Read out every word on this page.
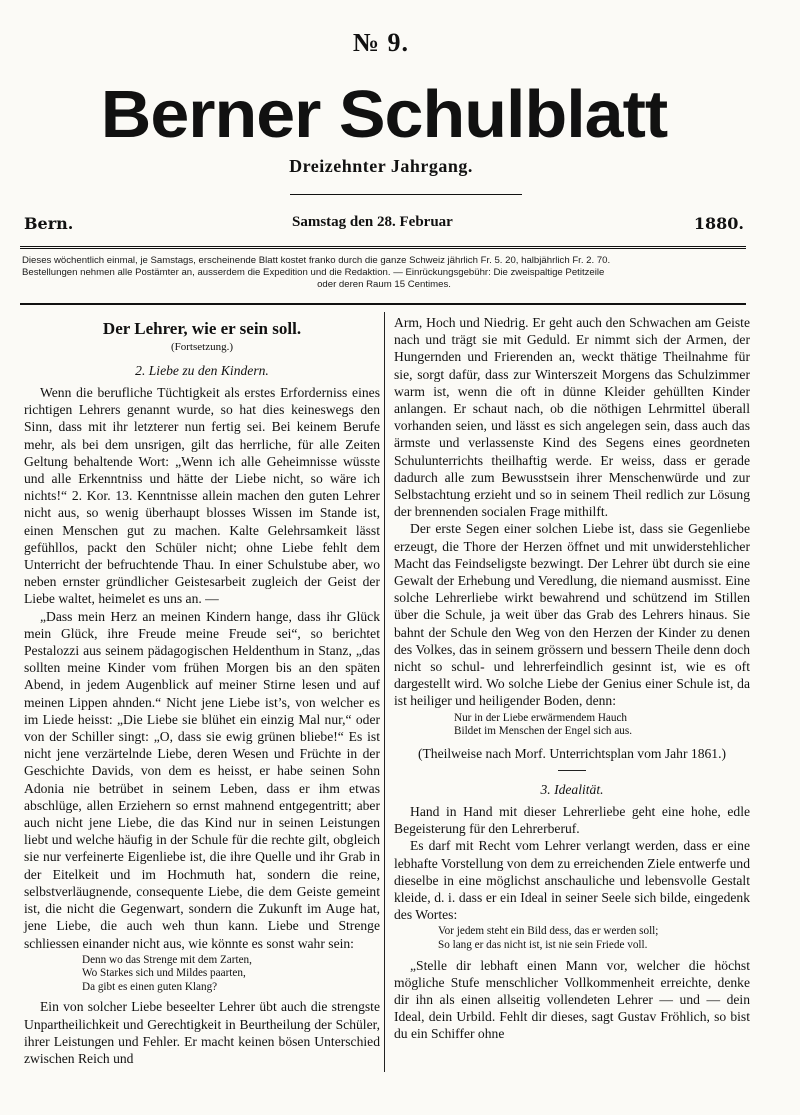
№ 9.
Berner Schulblatt
Dreizehnter Jahrgang.
Bern.	Samstag den 28. Februar	1880.

Dieses wöchentlich einmal, je Samstags, erscheinende Blatt kostet franko durch die ganze Schweiz jährlich Fr. 5. 20, halbjährlich Fr. 2. 70.

Bestellungen nehmen alle Postämter an, ausserdem die Expedition und die Redaktion. — Einrückungsgebühr: Die zweispaltige Petitzeile

oder deren Raum 15 Centimes.

Der Lehrer, wie er sein soll.
(Fortsetzung.)
2. Liebe zu den Kindern.

Wenn die berufliche Tüchtigkeit als erstes Erforderniss eines richtigen Lehrers genannt wurde, so hat dies keineswegs den Sinn, dass mit ihr letzterer nun fertig sei. Bei keinem Berufe mehr, als bei dem unsrigen, gilt das herrliche, für alle Zeiten Geltung behaltende Wort: „Wenn ich alle Geheimnisse wüsste und alle Erkenntniss und hätte der Liebe nicht, so wäre ich nichts!“ 2. Kor. 13. Kenntnisse allein machen den guten Lehrer nicht aus, so wenig überhaupt blosses Wissen im Stande ist, einen Menschen gut zu machen. Kalte Gelehrsamkeit lässt gefühllos, packt den Schüler nicht; ohne Liebe fehlt dem Unterricht der befruchtende Thau. In einer Schulstube aber, wo neben ernster gründlicher Geistesarbeit zugleich der Geist der Liebe waltet, heimelet es uns an. —

„Dass mein Herz an meinen Kindern hange, dass ihr Glück mein Glück, ihre Freude meine Freude sei“, so berichtet Pestalozzi aus seinem pädagogischen Heldenthum in Stanz, „das sollten meine Kinder vom frühen Morgen bis an den späten Abend, in jedem Augenblick auf meiner Stirne lesen und auf meinen Lippen ahnden.“ Nicht jene Liebe ist’s, von welcher es im Liede heisst: „Die Liebe sie blühet ein einzig Mal nur,“ oder von der Schiller singt: „O, dass sie ewig grünen bliebe!“ Es ist nicht jene verzärtelnde Liebe, deren Wesen und Früchte in der Geschichte Davids, von dem es heisst, er habe seinen Sohn Adonia nie betrübet in seinem Leben, dass er ihm etwas abschlüge, allen Erziehern so ernst mahnend entgegentritt; aber auch nicht jene Liebe, die das Kind nur in seinen Leistungen liebt und welche häufig in der Schule für die rechte gilt, obgleich sie nur verfeinerte Eigenliebe ist, die ihre Quelle und ihr Grab in der Eitelkeit und im Hochmuth hat, sondern die reine, selbstverläugnende, consequente Liebe, die dem Geiste gemeint ist, die nicht die Gegenwart, sondern die Zukunft im Auge hat, jene Liebe, die auch weh thun kann. Liebe und Strenge schliessen einander nicht aus, wie könnte es sonst wahr sein:

Denn wo das Strenge mit dem Zarten,
Wo Starkes sich und Mildes paarten,
Da gibt es einen guten Klang?

Ein von solcher Liebe beseelter Lehrer übt auch die strengste Unpartheilichkeit und Gerechtigkeit in Beurtheilung der Schüler, ihrer Leistungen und Fehler. Er macht keinen bösen Unterschied zwischen Reich und

Arm, Hoch und Niedrig. Er geht auch den Schwachen am Geiste nach und trägt sie mit Geduld. Er nimmt sich der Armen, der Hungernden und Frierenden an, weckt thätige Theilnahme für sie, sorgt dafür, dass zur Winterszeit Morgens das Schulzimmer warm ist, wenn die oft in dünne Kleider gehüllten Kinder anlangen. Er schaut nach, ob die nöthigen Lehrmittel überall vorhanden seien, und lässt es sich angelegen sein, dass auch das ärmste und verlassenste Kind des Segens eines geordneten Schulunterrichts theilhaftig werde. Er weiss, dass er gerade dadurch alle zum Bewusstsein ihrer Menschenwürde und zur Selbstachtung erzieht und so in seinem Theil redlich zur Lösung der brennenden socialen Frage mithilft.

Der erste Segen einer solchen Liebe ist, dass sie Gegenliebe erzeugt, die Thore der Herzen öffnet und mit unwiderstehlicher Macht das Feindseligste bezwingt. Der Lehrer übt durch sie eine Gewalt der Erhebung und Veredlung, die niemand ausmisst. Eine solche Lehrerliebe wirkt bewahrend und schützend im Stillen über die Schule, ja weit über das Grab des Lehrers hinaus. Sie bahnt der Schule den Weg von den Herzen der Kinder zu denen des Volkes, das in seinem grössern und bessern Theile denn doch nicht so schul- und lehrerfeindlich gesinnt ist, wie es oft dargestellt wird. Wo solche Liebe der Genius einer Schule ist, da ist heiliger und heiligender Boden, denn:

Nur in der Liebe erwärmendem Hauch
Bildet im Menschen der Engel sich aus.
(Theilweise nach Morf. Unterrichtsplan vom Jahr 1861.)
3. Idealität.

Hand in Hand mit dieser Lehrerliebe geht eine hohe, edle Begeisterung für den Lehrerberuf.

Es darf mit Recht vom Lehrer verlangt werden, dass er eine lebhafte Vorstellung von dem zu erreichenden Ziele entwerfe und dieselbe in eine möglichst anschauliche und lebensvolle Gestalt kleide, d. i. dass er ein Ideal in seiner Seele sich bilde, eingedenk des Wortes:

Vor jedem steht ein Bild dess, das er werden soll;
So lang er das nicht ist, ist nie sein Friede voll.

„Stelle dir lebhaft einen Mann vor, welcher die höchst mögliche Stufe menschlicher Vollkommenheit erreichte, denke dir ihn als einen allseitig vollendeten Lehrer — und — dein Ideal, dein Urbild. Fehlt dir dieses, sagt Gustav Fröhlich, so bist du ein Schiffer ohne
